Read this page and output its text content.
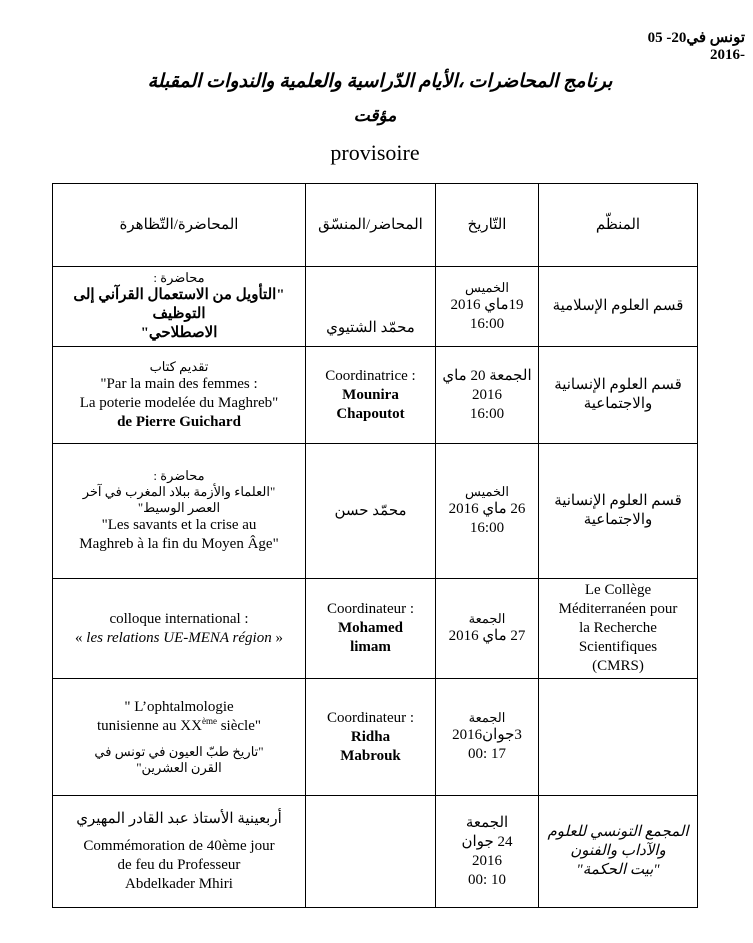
تونس في20- 05 -2016
برنامج المحاضرات ،الأيام الدّراسية والعلمية والندوات المقبلة
مؤقت
provisoire
المحاضرة/التّظاهرة	المحاضر/المنسّق	التّاريخ	المنظّم

محاضرة :
"التأويل من الاستعمال القرآني إلى التوظيف
الاصطلاحي"	محمّد الشتيوي	الخميس
19ماي 2016
16:00	قسم العلوم الإسلامية

تقديم كتاب
"Par la main des femmes :
La poterie modelée du Maghreb"
de Pierre Guichard	Coordinatrice :
Mounira
Chapoutot	الجمعة 20 ماي
2016
16:00	قسم العلوم الإنسانية
والاجتماعية

محاضرة :
"العلماء والأزمة ببلاد المغرب في آخر
العصر الوسيط"
"Les savants et la crise au
Maghreb à la fin du Moyen Âge"	محمّد حسن	الخميس
26 ماي 2016
16:00	قسم العلوم الإنسانية
والاجتماعية

colloque international :
« les relations UE-MENA région »	Coordinateur :
Mohamed
limam	الجمعة
27 ماي 2016	Le Collège
Méditerranéen pour
la Recherche
Scientifiques
(CMRS)

" L’ophtalmologie
tunisienne au XXème siècle"
"تاريخ طبّ العيون في تونس في
القرن العشرين"	Coordinateur :
Ridha
Mabrouk	الجمعة
3جوان2016
17 :00	

أربعينية الأستاذ عبد القادر المهيري
Commémoration de 40ème jour
de feu du Professeur
Abdelkader Mhiri		الجمعة
24 جوان
2016
10 :00	المجمع التونسي للعلوم
والآداب والفنون
"بيت الحكمة"
